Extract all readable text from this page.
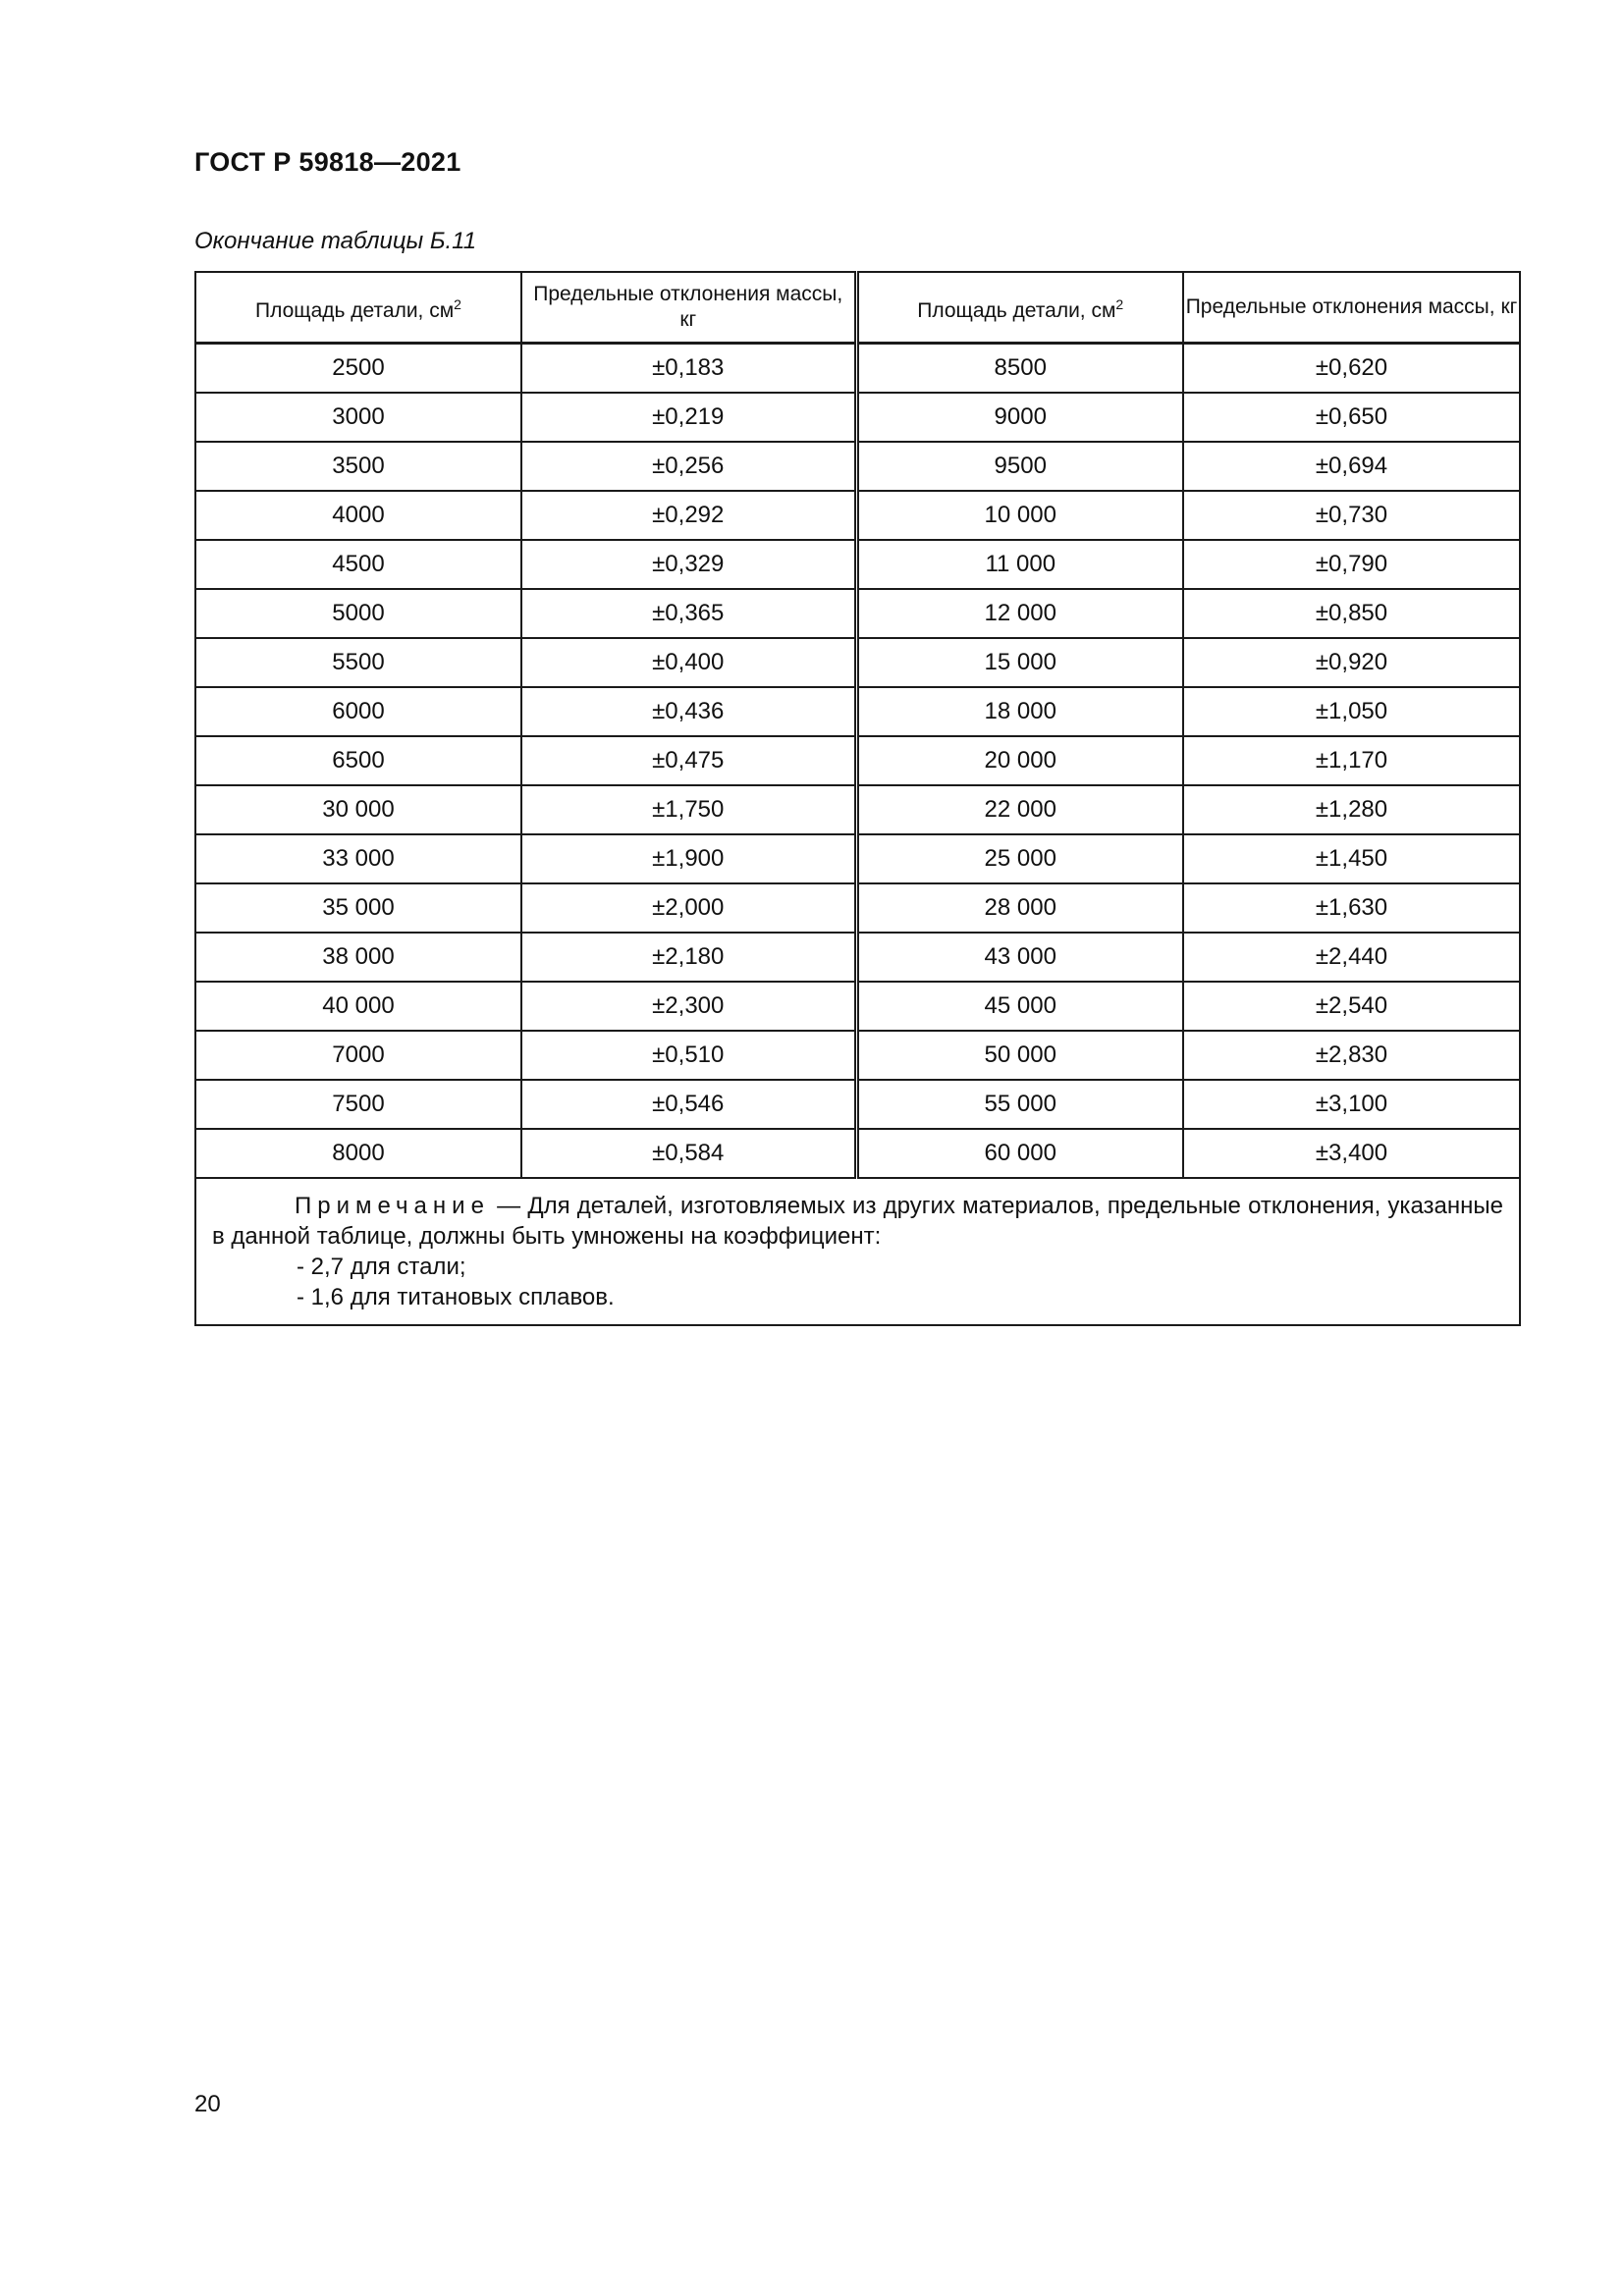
ГОСТ Р 59818—2021
Окончание таблицы Б.11
Площадь детали, $см^2$	Предельные отклонения массы, кг	Площадь детали, $см^2$	Предельные отклонения массы, кг
2500	±0,183	8500	±0,620
3000	±0,219	9000	±0,650
3500	±0,256	9500	±0,694
4000	±0,292	10 000	±0,730
4500	±0,329	11 000	±0,790
5000	±0,365	12 000	±0,850
5500	±0,400	15 000	±0,920
6000	±0,436	18 000	±1,050
6500	±0,475	20 000	±1,170
30 000	±1,750	22 000	±1,280
33 000	±1,900	25 000	±1,450
35 000	±2,000	28 000	±1,630
38 000	±2,180	43 000	±2,440
40 000	±2,300	45 000	±2,540
7000	±0,510	50 000	±2,830
7500	±0,546	55 000	±3,100
8000	±0,584	60 000	±3,400

Примечание — Для деталей, изготовляемых из других материалов, предельные отклонения, указанные в данной таблице, должны быть умножены на коэффициент:

- 2,7 для стали;

- 1,6 для титановых сплавов.			

20
